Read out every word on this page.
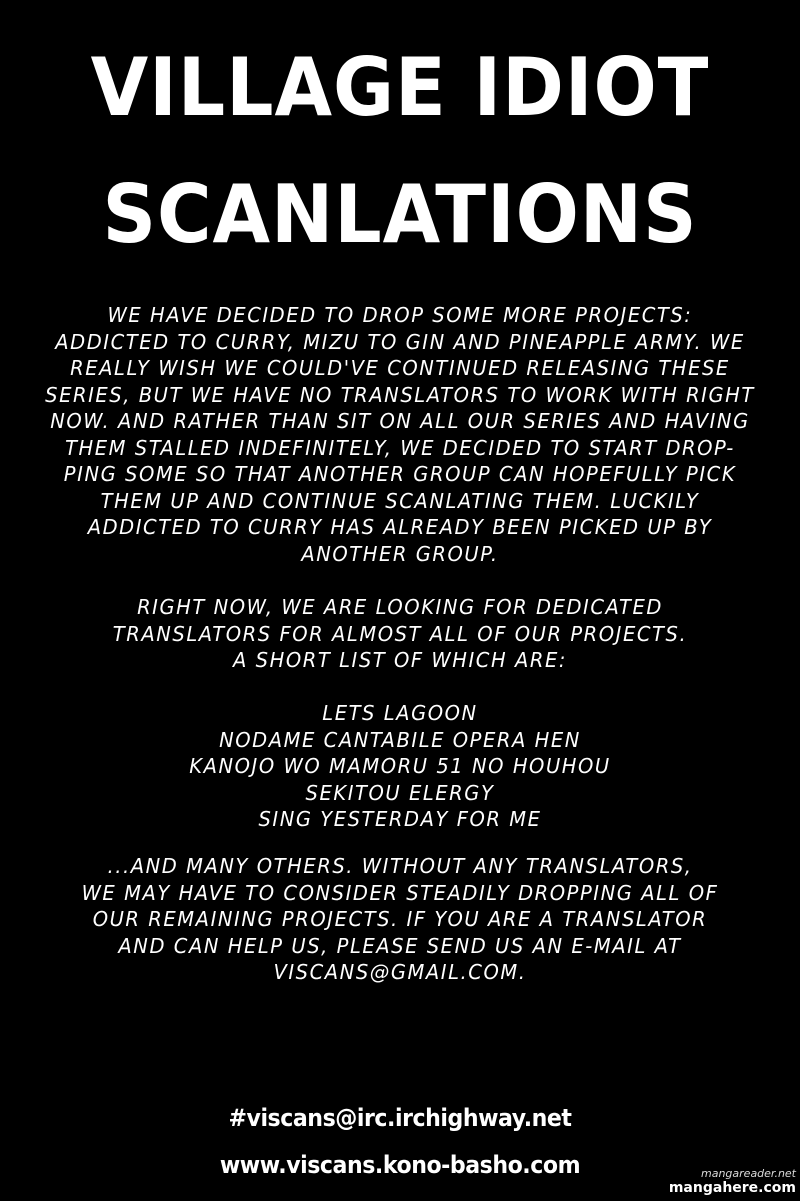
VILLAGE IDIOT
SCANLATIONS
WE HAVE DECIDED TO DROP SOME MORE PROJECTS:
ADDICTED TO CURRY, MIZU TO GIN AND PINEAPPLE ARMY. WE
REALLY WISH WE COULD'VE CONTINUED RELEASING THESE
SERIES, BUT WE HAVE NO TRANSLATORS TO WORK WITH RIGHT
NOW. AND RATHER THAN SIT ON ALL OUR SERIES AND HAVING
THEM STALLED INDEFINITELY, WE DECIDED TO START DROP-
PING SOME SO THAT ANOTHER GROUP CAN HOPEFULLY PICK
THEM UP AND CONTINUE SCANLATING THEM. LUCKILY
ADDICTED TO CURRY HAS ALREADY BEEN PICKED UP BY
ANOTHER GROUP.
RIGHT NOW, WE ARE LOOKING FOR DEDICATED
TRANSLATORS FOR ALMOST ALL OF OUR PROJECTS.
A SHORT LIST OF WHICH ARE:
LETS LAGOON
NODAME CANTABILE OPERA HEN
KANOJO WO MAMORU 51 NO HOUHOU
SEKITOU ELERGY
SING YESTERDAY FOR ME
...AND MANY OTHERS. WITHOUT ANY TRANSLATORS,
WE MAY HAVE TO CONSIDER STEADILY DROPPING ALL OF
OUR REMAINING PROJECTS. IF YOU ARE A TRANSLATOR
AND CAN HELP US, PLEASE SEND US AN E-MAIL AT
VISCANS@GMAIL.COM.
#viscans@irc.irchighway.net
www.viscans.kono-basho.com	mangareader.net
mangahere.com
